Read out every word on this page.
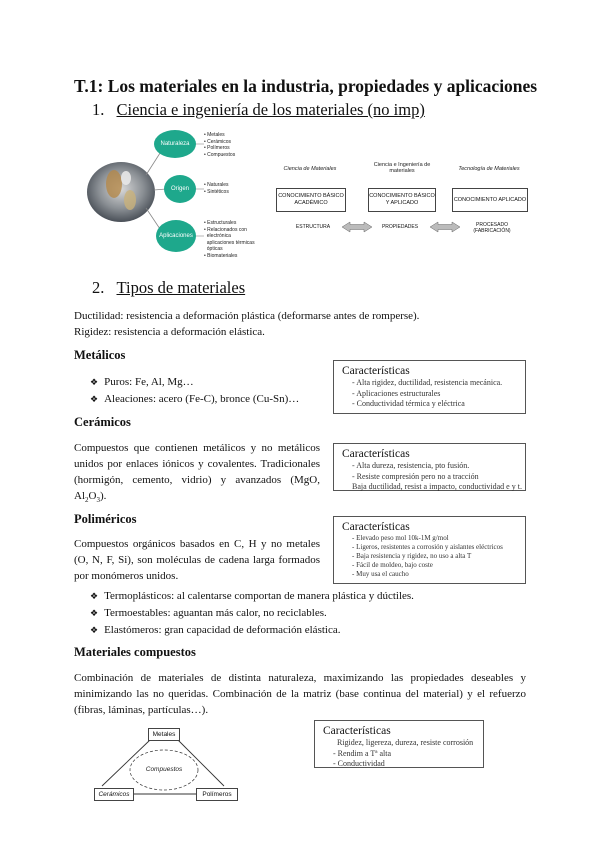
T.1: Los materiales en la industria, propiedades y aplicaciones
1. Ciencia e ingeniería de los materiales (no imp)
Naturaleza
Origen
Aplicaciones
• Metales
• Cerámicos
• Polímeros
• Compuestos
• Naturales
• Sintéticos
• Estructurales
• Relacionados con
electrónica
aplicaciones térmicas
ópticas
• Biomateriales
Ciencia de Materiales
Ciencia e Ingeniería de materiales	Tecnología de Materiales
CONOCIMIENTO BÁSICO ACADÉMICO
CONOCIMIENTO BÁSICO Y APLICADO
CONOCIMIENTO APLICADO
ESTRUCTURA	PROPIEDADES	PROCESADO (FABRICACIÓN)
2. Tipos de materiales
Ductilidad: resistencia a deformación plástica (deformarse antes de romperse).
Rigidez: resistencia a deformación elástica.
Metálicos
❖ Puros: Fe, Al, Mg…
❖ Aleaciones: acero (Fe-C), bronce (Cu-Sn)…
Características
- Alta rigidez, ductilidad, resistencia mecánica.
- Aplicaciones estructurales
- Conductividad térmica y eléctrica
Cerámicos
Compuestos que contienen metálicos y no metálicos unidos por enlaces iónicos y covalentes. Tradicionales (hormigón, cemento, vidrio) y avanzados (MgO, $Al_2O_3$).
Características
- Alta dureza, resistencia, pto fusión.
- Resiste compresión pero no a tracción
Baja ductilidad, resist a impacto, conductividad e y t.
Poliméricos
Compuestos orgánicos basados en C, H y no metales (O, N, F, Si), son moléculas de cadena larga formados por monómeros unidos.
Características
- Elevado peso mol 10k-1M g/mol
- Ligeros, resistentes a corrosión y aislantes eléctricos
- Baja resistencia y rigidez, no uso a alta T
- Fácil de moldeo, bajo coste
- Muy usa el caucho
❖ Termoplásticos: al calentarse comportan de manera plástica y dúctiles.
❖ Termoestables: aguantan más calor, no reciclables.
❖ Elastómeros: gran capacidad de deformación elástica.
Materiales compuestos
Combinación de materiales de distinta naturaleza, maximizando las propiedades deseables y minimizando las no queridas. Combinación de la matriz (base continua del material) y el refuerzo (fibras, láminas, partículas…).
Metales
Compuestos
Cerámicos	Polímeros
Características
Rigidez, ligereza, dureza, resiste corrosión
- Rendim a Tª alta
- Conductividad
